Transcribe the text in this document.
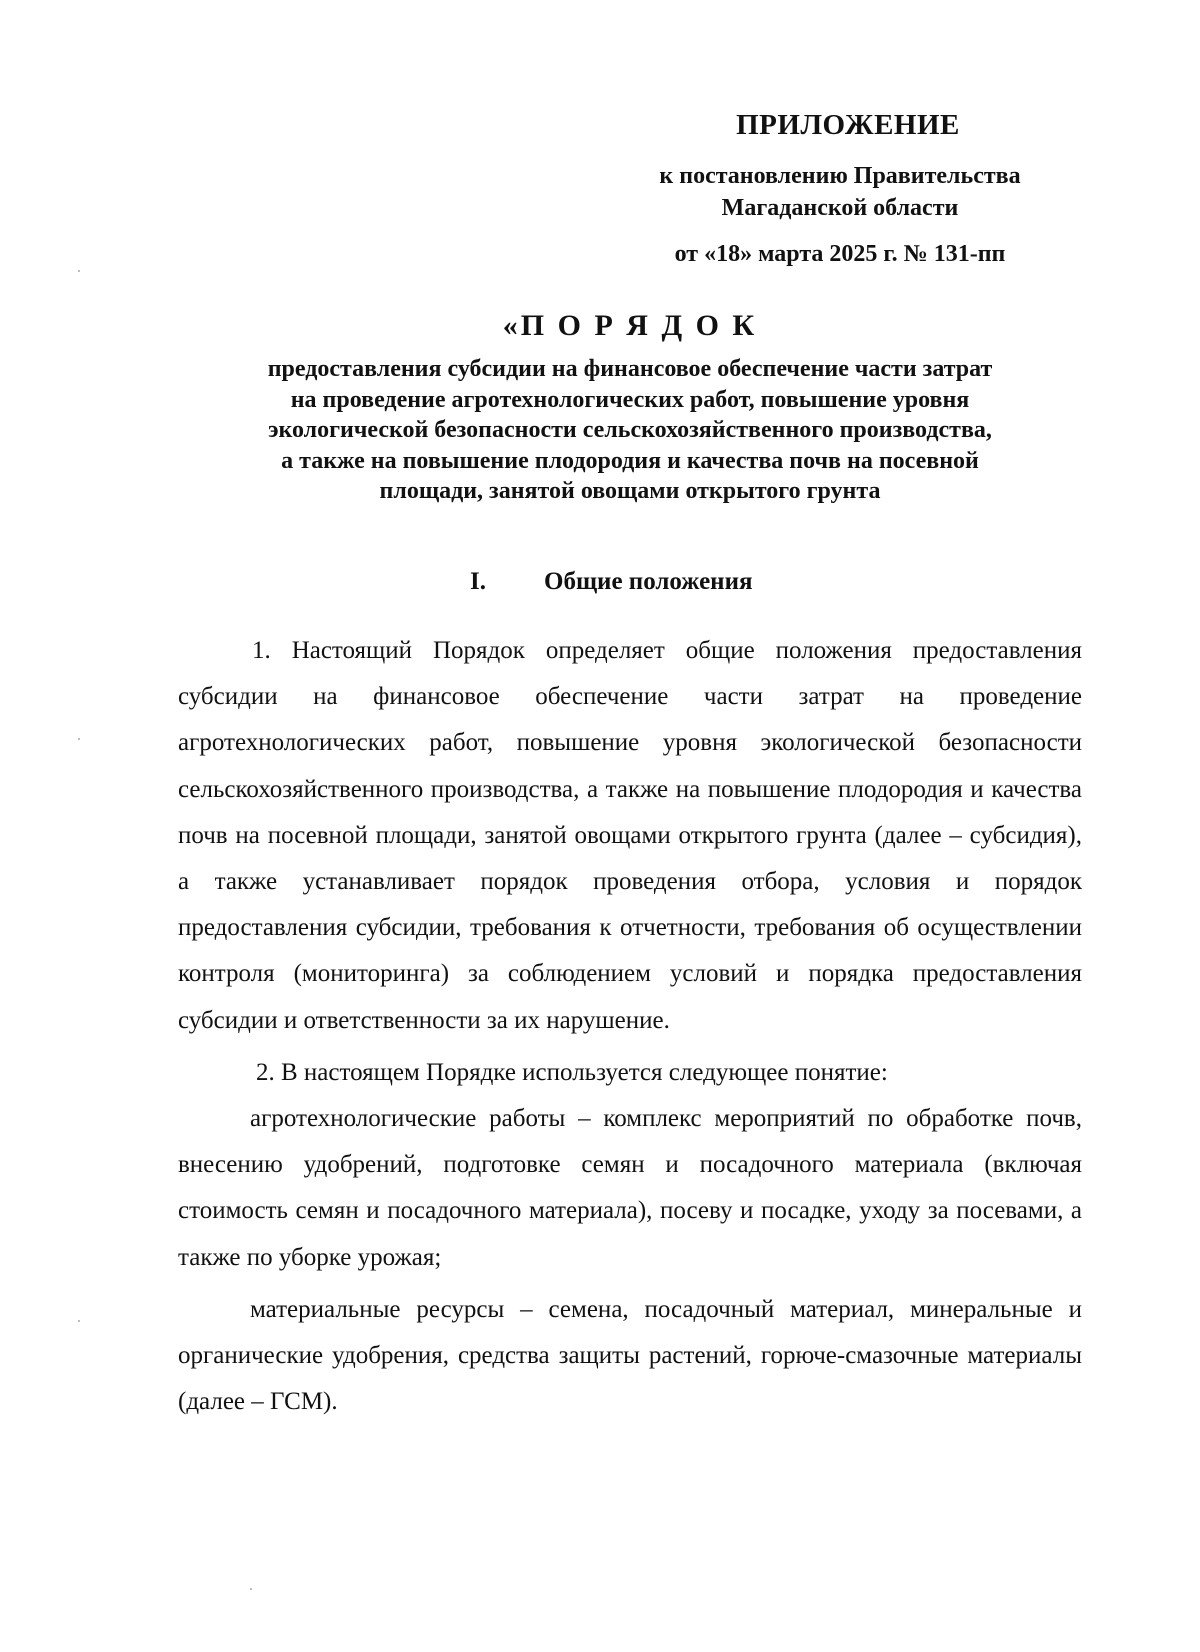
ПРИЛОЖЕНИЕ
к постановлению Правительства
Магаданской области
от «18» марта 2025 г. № 131-пп
«П О Р Я Д О К
предоставления субсидии на финансовое обеспечение части затрат
на проведение агротехнологических работ, повышение уровня
экологической безопасности сельскохозяйственного производства,
а также на повышение плодородия и качества почв на посевной
площади, занятой овощами открытого грунта
I. Общие положения

1. Настоящий Порядок определяет общие положения предоставления субсидии на финансовое обеспечение части затрат на проведение агротехнологических работ, повышение уровня экологической безопасности сельскохозяйственного производства, а также на повышение плодородия и качества почв на посевной площади, занятой овощами открытого грунта (далее – субсидия), а также устанавливает порядок проведения отбора, условия и порядок предоставления субсидии, требования к отчетности, требования об осуществлении контроля (мониторинга) за соблюдением условий и порядка предоставления субсидии и ответственности за их нарушение.

2. В настоящем Порядке используется следующее понятие:

агротехнологические работы – комплекс мероприятий по обработке почв, внесению удобрений, подготовке семян и посадочного материала (включая стоимость семян и посадочного материала), посеву и посадке, уходу за посевами, а также по уборке урожая;

материальные ресурсы – семена, посадочный материал, минеральные и органические удобрения, средства защиты растений, горюче-смазочные материалы (далее – ГСМ).
